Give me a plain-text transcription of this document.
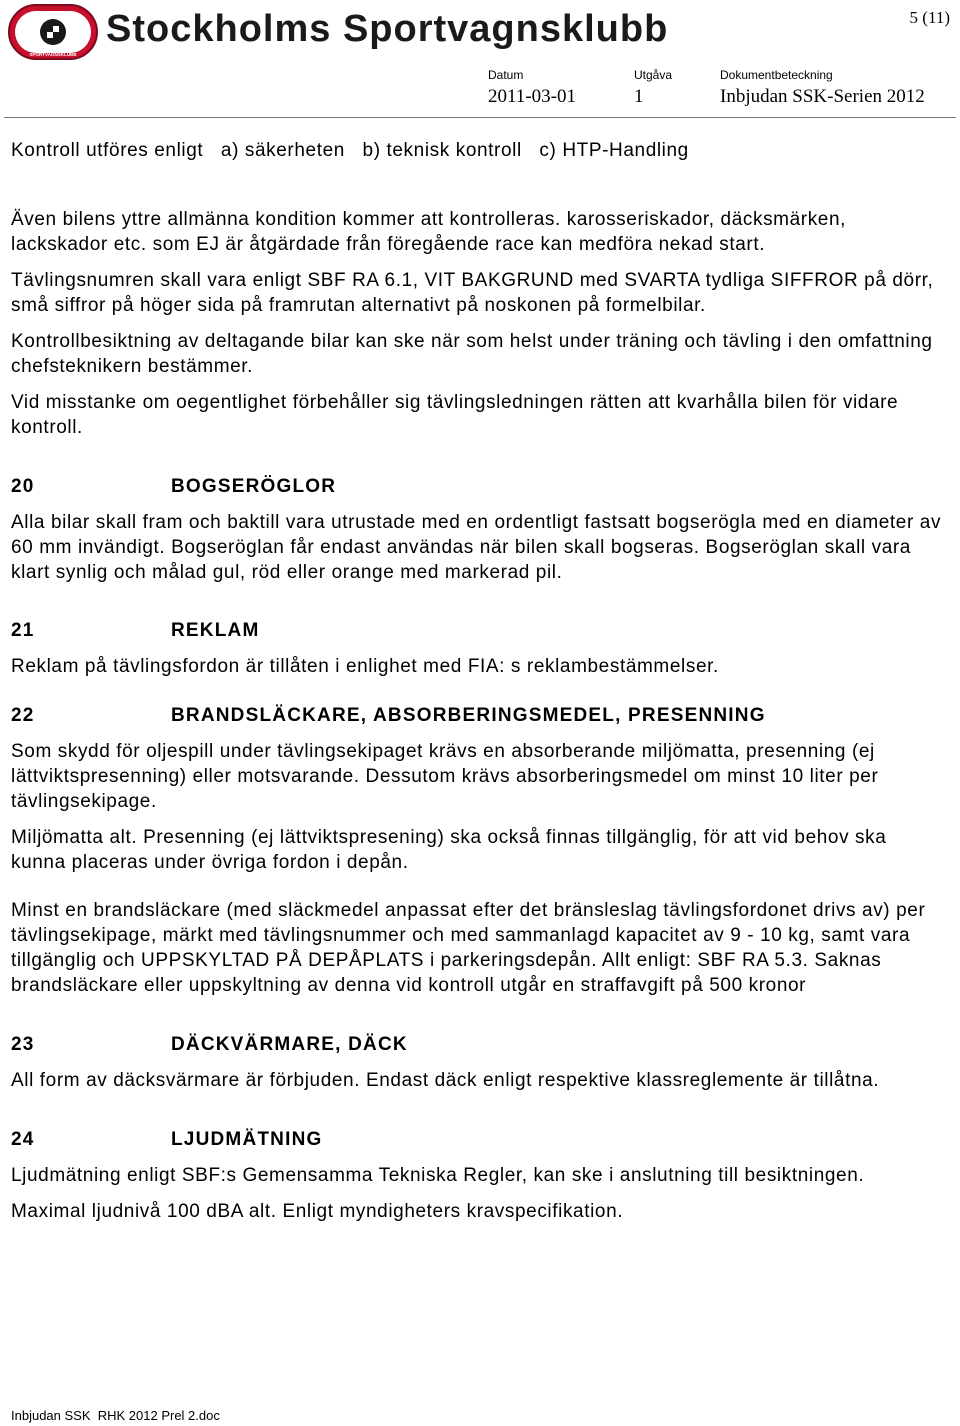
STOCKHOLMS
SPORTVAGNSKLUBB
Stockholms Sportvagnsklubb	5 (11)
Datum
2011-03-01
Utgåva
1
Dokumentbeteckning
Inbjudan SSK-Serien 2012

Kontroll utföres enligt   a) säkerheten   b) teknisk kontroll   c) HTP-Handling

Även bilens yttre allmänna kondition kommer att kontrolleras. karosseriskador, däcksmärken, lackskador etc. som EJ är åtgärdade från föregående race kan medföra nekad start.

Tävlingsnumren skall vara enligt SBF RA 6.1, VIT BAKGRUND med SVARTA tydliga SIFFROR på dörr, små siffror på höger sida på framrutan alternativt på noskonen på formelbilar.

Kontrollbesiktning av deltagande bilar kan ske när som helst under träning och tävling i den omfattning chefsteknikern bestämmer.

Vid misstanke om oegentlighet förbehåller sig tävlingsledningen rätten att kvarhålla bilen för vidare kontroll.

20	BOGSERÖGLOR

Alla bilar skall fram och baktill vara utrustade med en ordentligt fastsatt bogserögla med en diameter av 60 mm invändigt. Bogseröglan får endast användas när bilen skall bogseras. Bogseröglan skall vara klart synlig och målad gul, röd eller orange med markerad pil.

21	REKLAM

Reklam på tävlingsfordon är tillåten i enlighet med FIA: s reklambestämmelser.

22	BRANDSLÄCKARE, ABSORBERINGSMEDEL, PRESENNING

Som skydd för oljespill under tävlingsekipaget krävs en absorberande miljömatta, presenning (ej lättviktspresenning) eller motsvarande. Dessutom krävs absorberingsmedel om minst 10 liter per tävlingsekipage.

Miljömatta alt. Presenning (ej lättviktspresening) ska också finnas tillgänglig, för att vid behov ska kunna placeras under övriga fordon i depån.

Minst en brandsläckare (med släckmedel anpassat efter det bränsleslag tävlingsfordonet drivs av) per tävlingsekipage, märkt med tävlingsnummer och med sammanlagd kapacitet av 9 - 10 kg, samt vara tillgänglig och UPPSKYLTAD PÅ DEPÅPLATS i parkeringsdepån. Allt enligt: SBF RA 5.3. Saknas brandsläckare eller uppskyltning av denna vid kontroll utgår en straffavgift på 500 kronor

23	DÄCKVÄRMARE, DÄCK

All form av däcksvärmare är förbjuden. Endast däck enligt respektive klassreglemente är tillåtna.

24	LJUDMÄTNING

Ljudmätning enligt SBF:s Gemensamma Tekniska Regler, kan ske i anslutning till besiktningen.

Maximal ljudnivå 100 dBA alt. Enligt myndigheters kravspecifikation.

Inbjudan SSK  RHK 2012 Prel 2.doc
